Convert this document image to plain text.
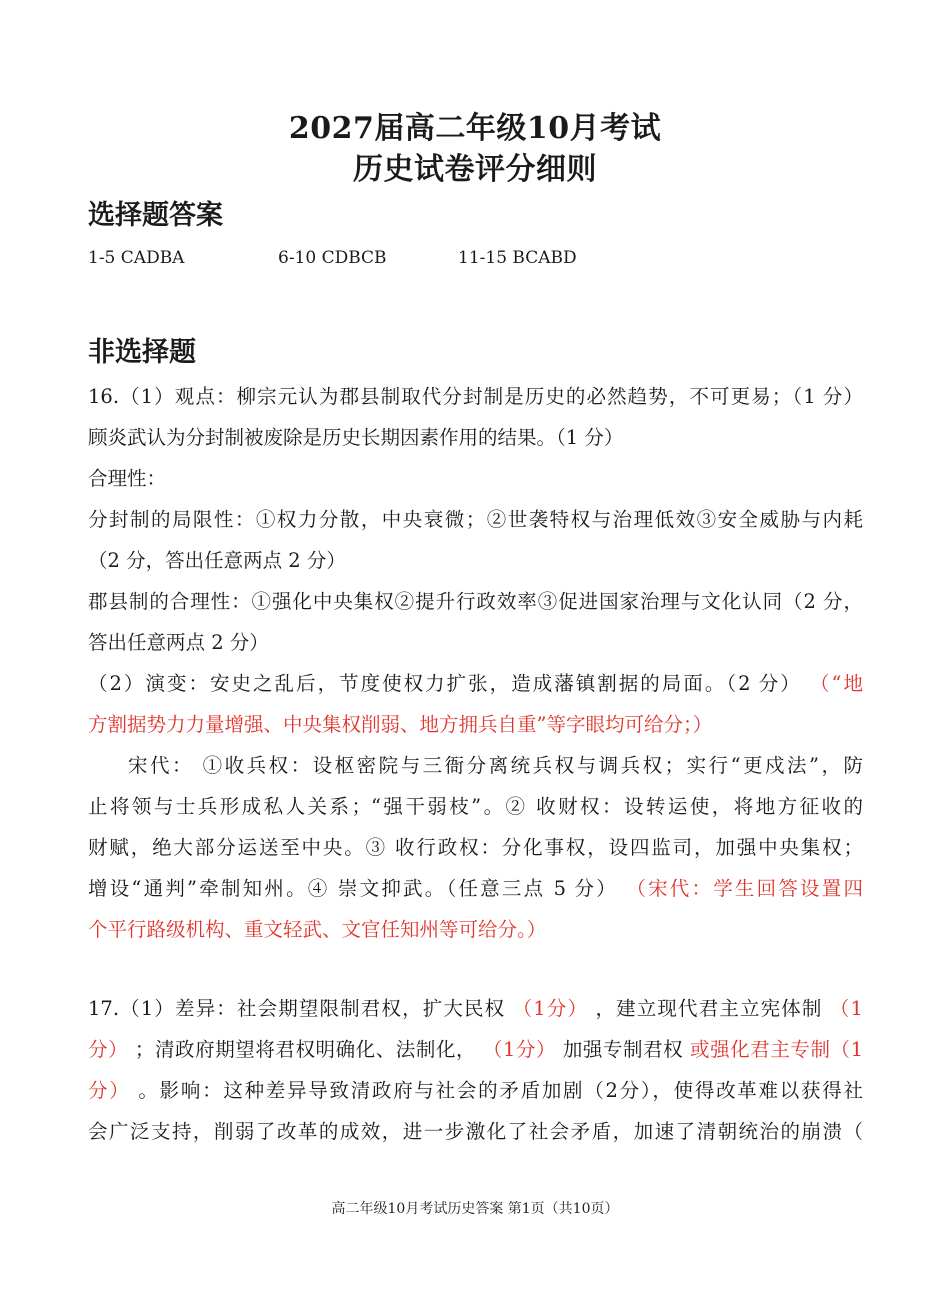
2027届高二年级10月考试
历史试卷评分细则
选择题答案
1-5 CADBA	6-10 CDBCB	11-15 BCABD
非选择题
16.（1）观点：柳宗元认为郡县制取代分封制是历史的必然趋势，不可更易；（1 分）
顾炎武认为分封制被废除是历史长期因素作用的结果。（1 分）
合理性：
分封制的局限性：①权力分散，中央衰微；②世袭特权与治理低效③安全威胁与内耗
（2 分，答出任意两点 2 分）
郡县制的合理性：①强化中央集权②提升行政效率③促进国家治理与文化认同（2 分，
答出任意两点 2 分）
（2）演变：安史之乱后，节度使权力扩张，造成藩镇割据的局面。（2 分） （“地
方割据势力力量增强、中央集权削弱、地方拥兵自重”等字眼均可给分；）
宋代： ①收兵权：设枢密院与三衙分离统兵权与调兵权；实行“更戍法”，防
止将领与士兵形成私人关系；“强干弱枝”。② 收财权：设转运使，将地方征收的
财赋，绝大部分运送至中央。③ 收行政权：分化事权，设四监司，加强中央集权；
增设“通判”牵制知州。④ 崇文抑武。（任意三点 5 分） （宋代：学生回答设置四
个平行路级机构、重文轻武、文官任知州等可给分。）
17.（1）差异：社会期望限制君权，扩大民权 （1分） ，建立现代君主立宪体制 （1
分） ；清政府期望将君权明确化、法制化， （1分） 加强专制君权 或强化君主专制（1
分） 。影响：这种差异导致清政府与社会的矛盾加剧（2分），使得改革难以获得社
会广泛支持，削弱了改革的成效，进一步激化了社会矛盾，加速了清朝统治的崩溃（
高二年级10月考试历史答案 第1页（共10页）
